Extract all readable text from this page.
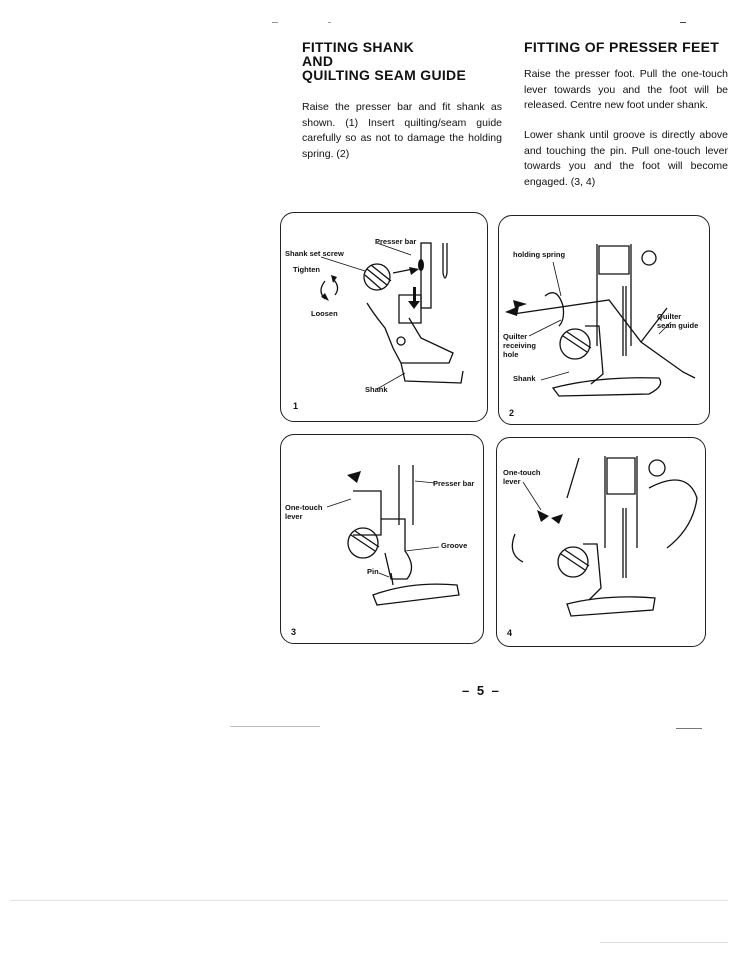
FITTING SHANK

AND

QUILTING SEAM GUIDE

Raise the presser bar and fit shank as shown. (1) Insert quilting/seam guide carefully so as not to damage the holding spring. (2)

FITTING OF PRESSER FEET

Raise the presser foot. Pull the one-touch lever towards you and the foot will be released. Centre new foot under shank.

Lower shank until groove is directly above and touching the pin. Pull one-touch lever towards you and the foot will become engaged. (3, 4)

Presser bar
Shank set screw
Tighten
Loosen
Shank
1
holding spring
Quilter
receiving
hole
Quilter
seam guide
Shank
2
Presser bar
One-touch
lever
Groove
Pin
3
One-touch
lever
4
– 5 –
